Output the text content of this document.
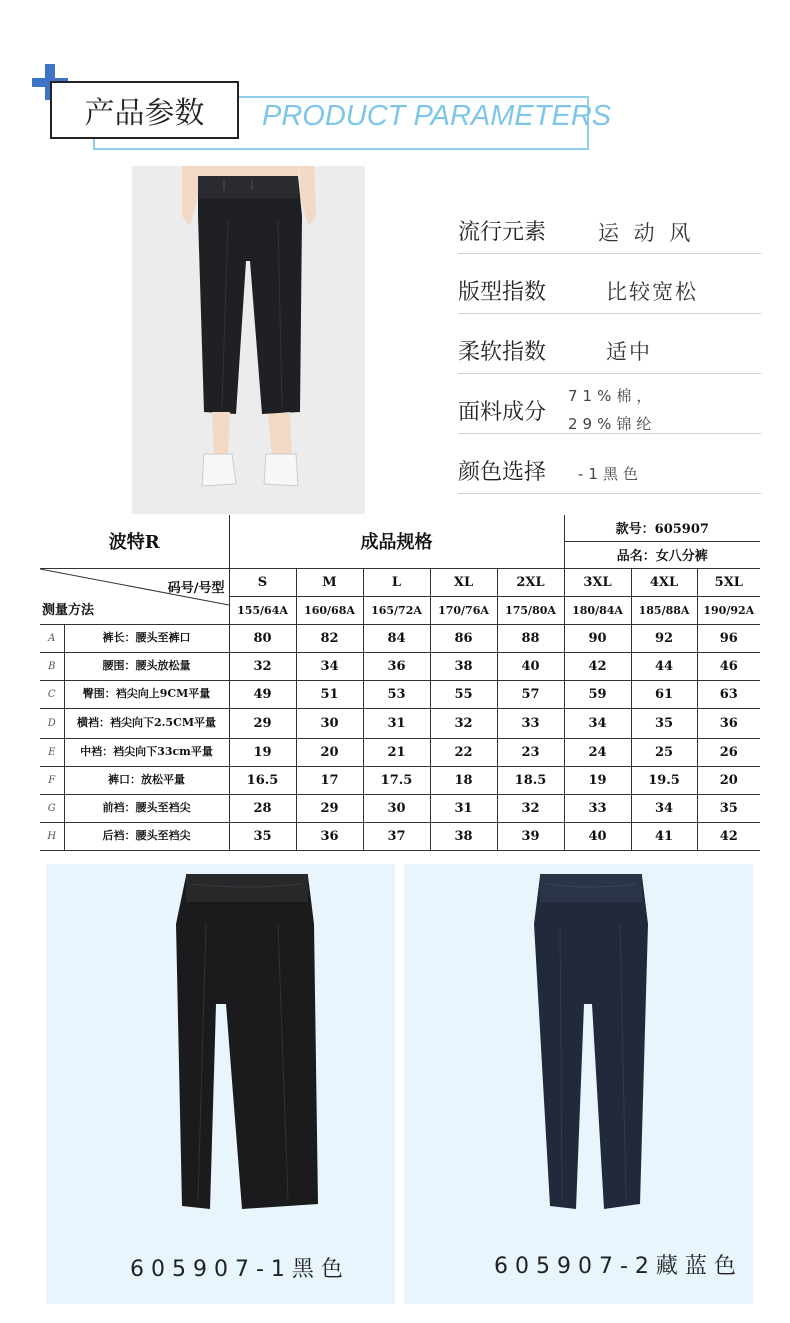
产品参数	PRODUCT PARAMETERS
流行元素 运 动 风
版型指数	比较宽松
柔软指数	适中
面料成分
71%棉，
29%锦纶
颜色选择 -1黑色
波特R		成品规格					款号：605907		
							品名：女八分裤		

码号/号型
测量方法		S	M	L	XL	2XL	3XL	4XL	5XL
		155/64A	160/68A	165/72A	170/76A	175/80A	180/84A	185/88A	190/92A
A	裤长：腰头至裤口	80	82	84	86	88	90	92	96
B	腰围：腰头放松量	32	34	36	38	40	42	44	46
C	臀围：裆尖向上9CM平量	49	51	53	55	57	59	61	63
D	横裆：裆尖向下2.5CM平量	29	30	31	32	33	34	35	36
E	中裆：裆尖向下33cm平量	19	20	21	22	23	24	25	26
F	裤口：放松平量	16.5	17	17.5	18	18.5	19	19.5	20
G	前裆：腰头至裆尖	28	29	30	31	32	33	34	35
H	后裆：腰头至裆尖	35	36	37	38	39	40	41	42
605907-1黑色	605907-2藏蓝色
